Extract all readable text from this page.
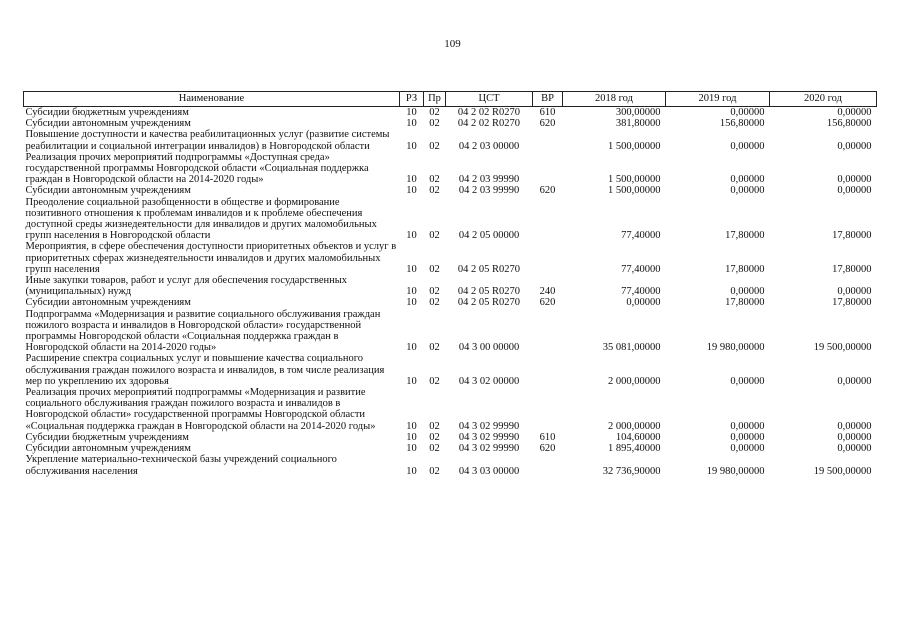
109
Наименование	РЗ	Пр	ЦСТ	ВР	2018 год	2019 год	2020 год
Субсидии бюджетным учреждениям	10	02	04 2 02 R0270	610	300,00000	0,00000	0,00000
Субсидии автономным учреждениям	10	02	04 2 02 R0270	620	381,80000	156,80000	156,80000
Повышение доступности и качества реабилитационных услуг (развитие системы реабилитации и социальной интеграции инвалидов) в Новгородской области	10	02	04 2 03 00000		1 500,00000	0,00000	0,00000
Реализация прочих мероприятий подпрограммы «Доступная среда» государственной программы Новгородской области «Социальная поддержка граждан в Новгородской области на 2014-2020 годы»	10	02	04 2 03 99990		1 500,00000	0,00000	0,00000
Субсидии автономным учреждениям	10	02	04 2 03 99990	620	1 500,00000	0,00000	0,00000
Преодоление социальной разобщенности в обществе и формирование позитивного отношения к проблемам инвалидов и к проблеме обеспечения доступной среды жизнедеятельности для инвалидов и других маломобильных групп населения в Новгородской области	10	02	04 2 05 00000		77,40000	17,80000	17,80000
Мероприятия, в сфере обеспечения доступности приоритетных объектов и услуг в приоритетных сферах жизнедеятельности инвалидов и других маломобильных групп населения	10	02	04 2 05 R0270		77,40000	17,80000	17,80000
Иные закупки товаров, работ и услуг для обеспечения государственных (муниципальных) нужд	10	02	04 2 05 R0270	240	77,40000	0,00000	0,00000
Субсидии автономным учреждениям	10	02	04 2 05 R0270	620	0,00000	17,80000	17,80000
Подпрограмма «Модернизация и развитие социального обслуживания граждан пожилого возраста и инвалидов в Новгородской области» государственной программы Новгородской области «Социальная поддержка граждан в Новгородской области на 2014-2020 годы»	10	02	04 3 00 00000		35 081,00000	19 980,00000	19 500,00000
Расширение спектра социальных услуг и повышение качества социального обслуживания граждан пожилого возраста и инвалидов, в том числе реализация мер по укреплению их здоровья	10	02	04 3 02 00000		2 000,00000	0,00000	0,00000
Реализация прочих мероприятий подпрограммы «Модернизация и развитие социального обслуживания граждан пожилого возраста и инвалидов в Новгородской области» государственной программы Новгородской области «Социальная поддержка граждан в Новгородской области на 2014-2020 годы»	10	02	04 3 02 99990		2 000,00000	0,00000	0,00000
Субсидии бюджетным учреждениям	10	02	04 3 02 99990	610	104,60000	0,00000	0,00000
Субсидии автономным учреждениям	10	02	04 3 02 99990	620	1 895,40000	0,00000	0,00000
Укрепление материально-технической базы учреждений социального обслуживания населения	10	02	04 3 03 00000		32 736,90000	19 980,00000	19 500,00000
